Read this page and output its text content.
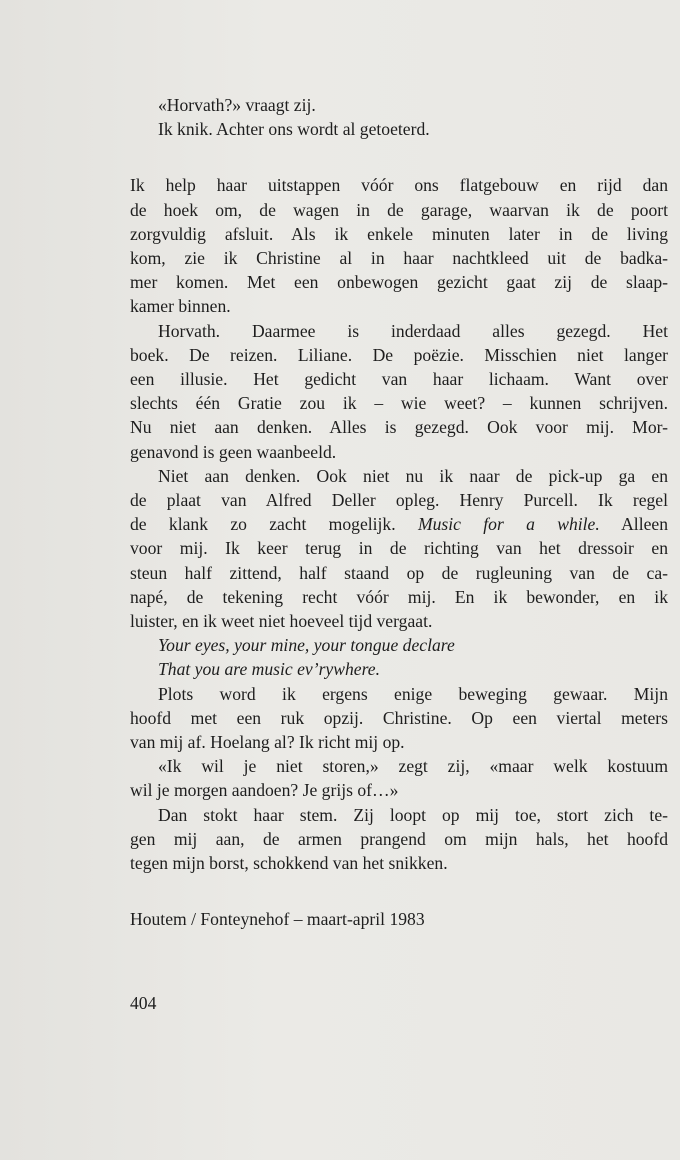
«Horvath?» vraagt zij.
Ik knik. Achter ons wordt al getoeterd.
Ik help haar uitstappen vóór ons flatgebouw en rijd dan
de hoek om, de wagen in de garage, waarvan ik de poort
zorgvuldig afsluit. Als ik enkele minuten later in de living
kom, zie ik Christine al in haar nachtkleed uit de badka-
mer komen. Met een onbewogen gezicht gaat zij de slaap-
kamer binnen.
Horvath. Daarmee is inderdaad alles gezegd. Het
boek. De reizen. Liliane. De poëzie. Misschien niet langer
een illusie. Het gedicht van haar lichaam. Want over
slechts één Gratie zou ik – wie weet? – kunnen schrijven.
Nu niet aan denken. Alles is gezegd. Ook voor mij. Mor-
genavond is geen waanbeeld.
Niet aan denken. Ook niet nu ik naar de pick-up ga en
de plaat van Alfred Deller opleg. Henry Purcell. Ik regel
de klank zo zacht mogelijk. Music for a while. Alleen
voor mij. Ik keer terug in de richting van het dressoir en
steun half zittend, half staand op de rugleuning van de ca-
napé, de tekening recht vóór mij. En ik bewonder, en ik
luister, en ik weet niet hoeveel tijd vergaat.
Your eyes, your mine, your tongue declare
That you are music ev’rywhere.
Plots word ik ergens enige beweging gewaar. Mijn
hoofd met een ruk opzij. Christine. Op een viertal meters
van mij af. Hoelang al? Ik richt mij op.
«Ik wil je niet storen,» zegt zij, «maar welk kostuum
wil je morgen aandoen? Je grijs of…»
Dan stokt haar stem. Zij loopt op mij toe, stort zich te-
gen mij aan, de armen prangend om mijn hals, het hoofd
tegen mijn borst, schokkend van het snikken.
Houtem / Fonteynehof – maart-april 1983
404
